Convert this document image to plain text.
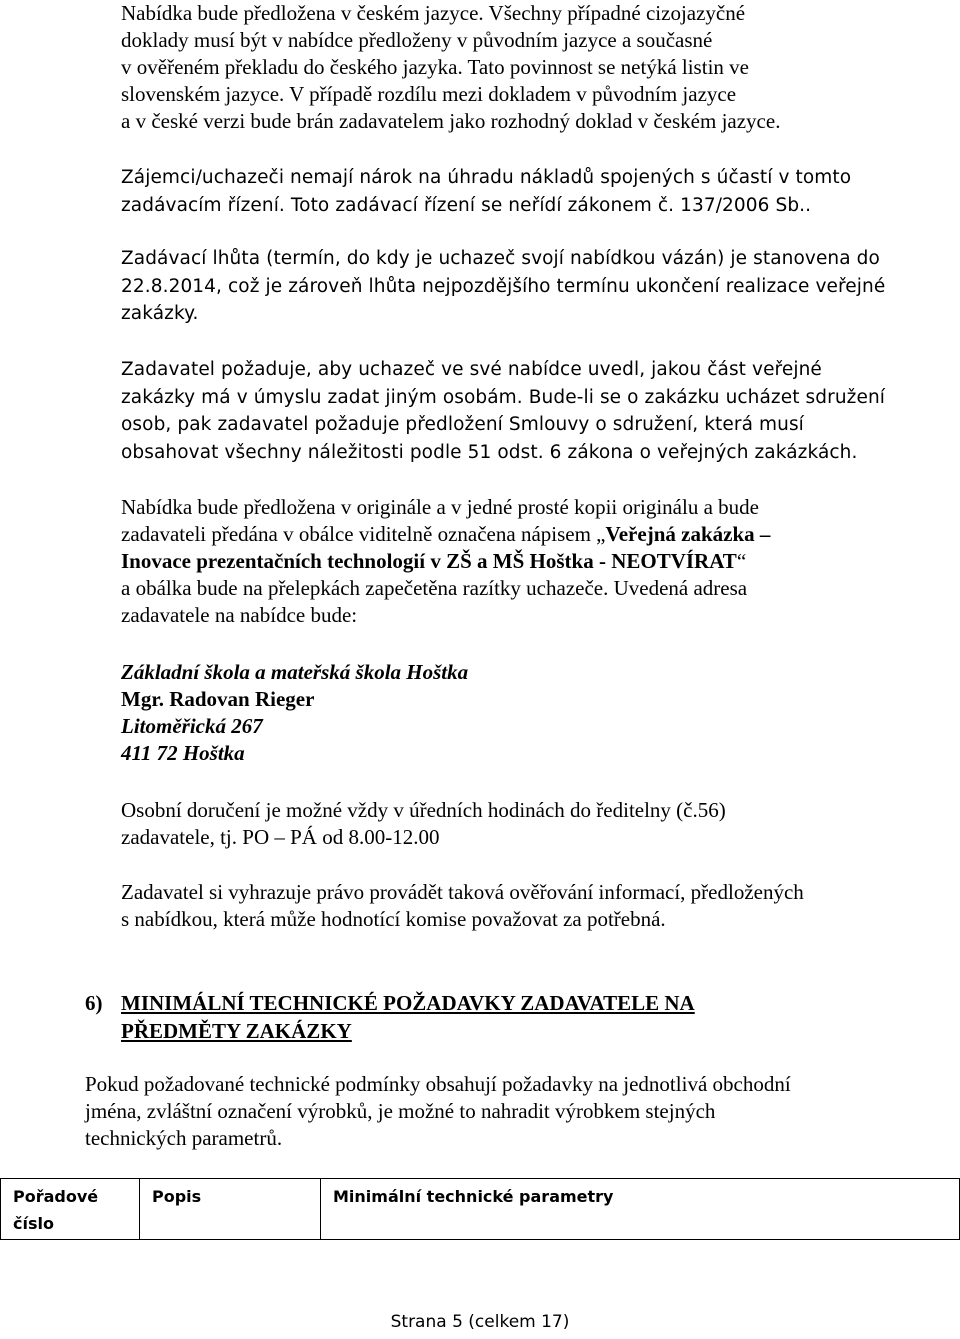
Nabídka bude předložena v českém jazyce. Všechny případné cizojazyčné
doklady musí být v nabídce předloženy v původním jazyce a současné
v ověřeném překladu do českého jazyka. Tato povinnost se netýká listin ve
slovenském jazyce. V případě rozdílu mezi dokladem v původním jazyce
a v české verzi bude brán zadavatelem jako rozhodný doklad v českém jazyce.
Zájemci/uchazeči nemají nárok na úhradu nákladů spojených s účastí v tomto
zadávacím řízení. Toto zadávací řízení se neřídí zákonem č. 137/2006 Sb..
Zadávací lhůta (termín, do kdy je uchazeč svojí nabídkou vázán) je stanovena do
22.8.2014, což je zároveň lhůta nejpozdějšího termínu ukončení realizace veřejné
zakázky.
Zadavatel požaduje, aby uchazeč ve své nabídce uvedl, jakou část veřejné
zakázky má v úmyslu zadat jiným osobám. Bude-li se o zakázku ucházet sdružení
osob, pak zadavatel požaduje předložení Smlouvy o sdružení, která musí
obsahovat všechny náležitosti podle 51 odst. 6 zákona o veřejných zakázkách.
Nabídka bude předložena v originále a v jedné prosté kopii originálu a bude
zadavateli předána v obálce viditelně označena nápisem „Veřejná zakázka –
Inovace prezentačních technologií v ZŠ a MŠ Hoštka - NEOTVÍRAT“
a obálka bude na přelepkách zapečetěna razítky uchazeče. Uvedená adresa
zadavatele na nabídce bude:
Základní škola a mateřská škola Hoštka
Mgr. Radovan Rieger
Litoměřická 267
411 72 Hoštka
Osobní doručení je možné vždy v úředních hodinách do ředitelny (č.56)
zadavatele, tj. PO – PÁ od 8.00-12.00
Zadavatel si vyhrazuje právo provádět taková ověřování informací, předložených
s nabídkou, která může hodnotící komise považovat za potřebná.
6) MINIMÁLNÍ TECHNICKÉ POŽADAVKY ZADAVATELE NA
PŘEDMĚTY ZAKÁZKY
Pokud požadované technické podmínky obsahují požadavky na jednotlivá obchodní
jména, zvláštní označení výrobků, je možné to nahradit výrobkem stejných
technických parametrů.
Pořadové
číslo
	Popis	Minimální technické parametry
Strana 5 (celkem 17)
